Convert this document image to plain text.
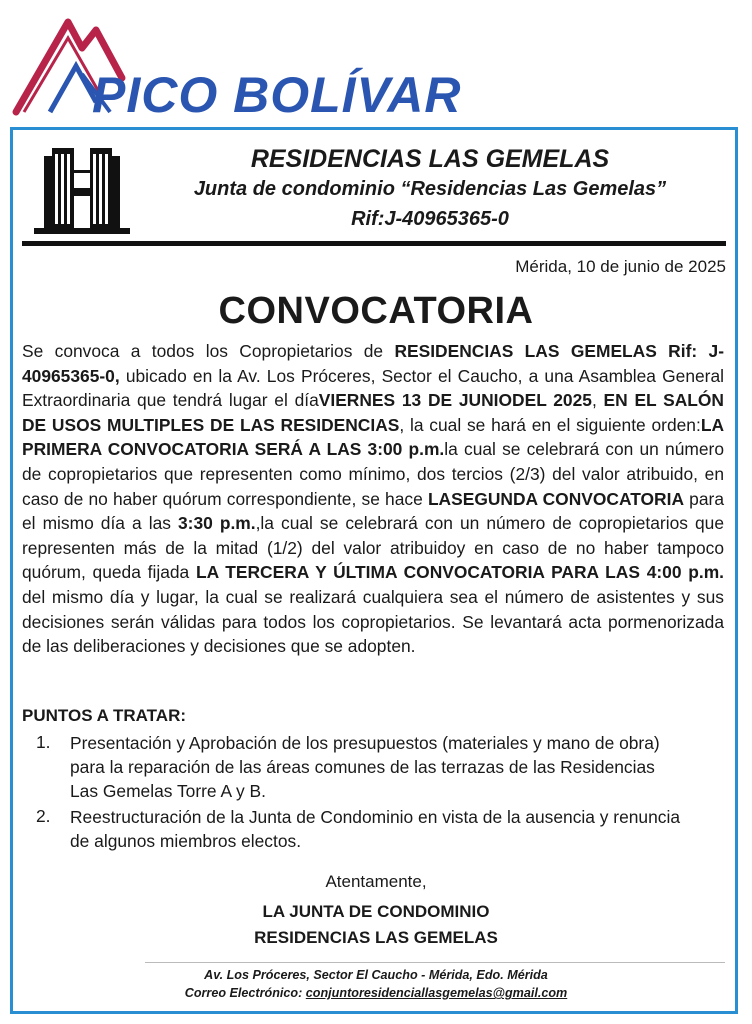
PICO BOLÍVAR
RESIDENCIAS LAS GEMELAS
Junta de condominio “Residencias Las Gemelas”
Rif:J-40965365-0
Mérida, 10 de junio de 2025
CONVOCATORIA
Se convoca a todos los Copropietarios de RESIDENCIAS LAS GEMELAS Rif: J-40965365-0, ubicado en la Av. Los Próceres, Sector el Caucho, a una Asamblea General Extraordinaria que tendrá lugar el díaVIERNES 13 DE JUNIODEL 2025, EN EL SALÓN DE USOS MULTIPLES DE LAS RESIDENCIAS, la cual se hará en el siguiente orden:LA PRIMERA CONVOCATORIA SERÁ A LAS 3:00 p.m.la cual se celebrará con un número de copropietarios que representen como mínimo, dos tercios (2/3) del valor atribuido, en caso de no haber quórum correspondiente, se hace LASEGUNDA CONVOCATORIA para el mismo día a las 3:30 p.m.,la cual se celebrará con un número de copropietarios que representen más de la mitad (1/2) del valor atribuidoy en caso de no haber tampoco quórum, queda fijada LA TERCERA Y ÚLTIMA CONVOCATORIA PARA LAS 4:00 p.m. del mismo día y lugar, la cual se realizará cualquiera sea el número de asistentes y sus decisiones serán válidas para todos los copropietarios. Se levantará acta pormenorizada de las deliberaciones y decisiones que se adopten.
PUNTOS A TRATAR:
1. Presentación y Aprobación de los presupuestos (materiales y mano de obra) para la reparación de las áreas comunes de las terrazas de las Residencias Las Gemelas Torre A y B.
2. Reestructuración de la Junta de Condominio en vista de la ausencia y renuncia de algunos miembros electos.
Atentamente,
LA JUNTA DE CONDOMINIO
RESIDENCIAS LAS GEMELAS
Av. Los Próceres, Sector El Caucho - Mérida, Edo. Mérida
Correo Electrónico: conjuntoresidenciallasgemelas@gmail.com
